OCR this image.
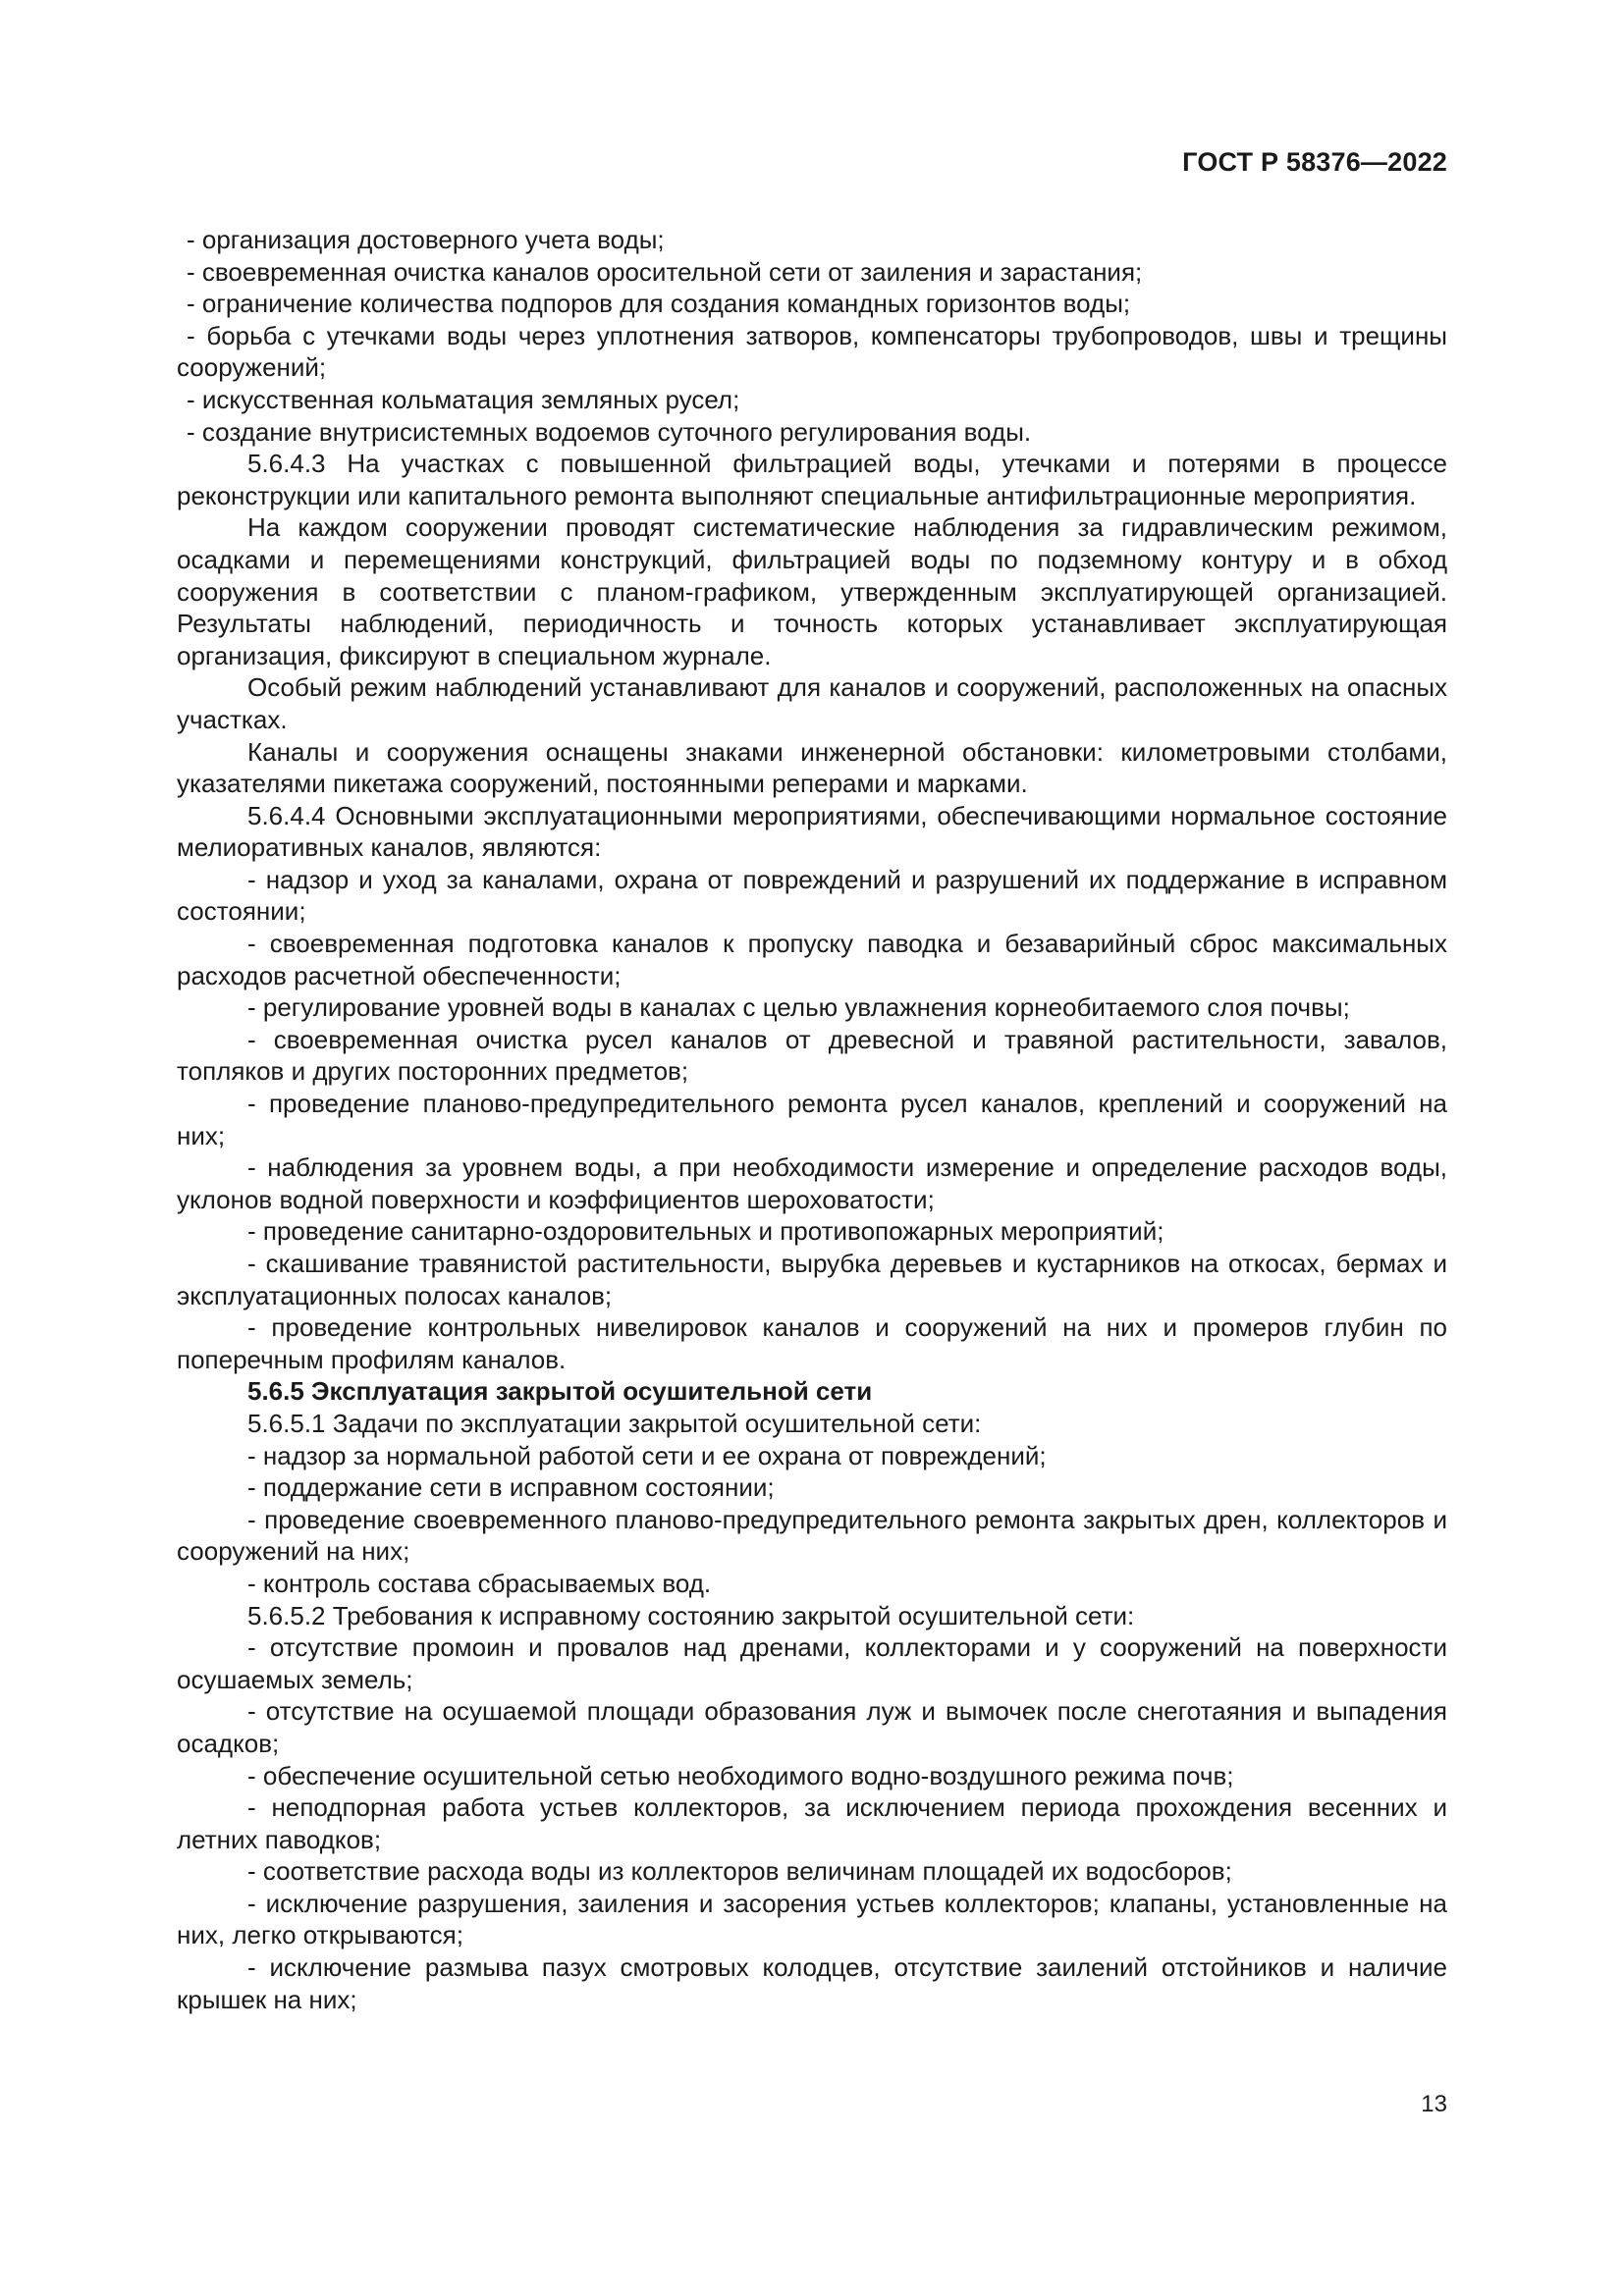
ГОСТ Р 58376—2022

- организация достоверного учета воды;

- своевременная очистка каналов оросительной сети от заиления и зарастания;

- ограничение количества подпоров для создания командных горизонтов воды;

- борьба с утечками воды через уплотнения затворов, компенсаторы трубопроводов, швы и трещины сооружений;

- искусственная кольматация земляных русел;

- создание внутрисистемных водоемов суточного регулирования воды.

5.6.4.3 На участках с повышенной фильтрацией воды, утечками и потерями в процессе реконструкции или капитального ремонта выполняют специальные антифильтрационные мероприятия.

На каждом сооружении проводят систематические наблюдения за гидравлическим режимом, осадками и перемещениями конструкций, фильтрацией воды по подземному контуру и в обход сооружения в соответствии с планом-графиком, утвержденным эксплуатирующей организацией. Результаты наблюдений, периодичность и точность которых устанавливает эксплуатирующая организация, фиксируют в специальном журнале.

Особый режим наблюдений устанавливают для каналов и сооружений, расположенных на опасных участках.

Каналы и сооружения оснащены знаками инженерной обстановки: километровыми столбами, указателями пикетажа сооружений, постоянными реперами и марками.

5.6.4.4 Основными эксплуатационными мероприятиями, обеспечивающими нормальное состояние мелиоративных каналов, являются:

- надзор и уход за каналами, охрана от повреждений и разрушений их поддержание в исправном состоянии;

- своевременная подготовка каналов к пропуску паводка и безаварийный сброс максимальных расходов расчетной обеспеченности;

- регулирование уровней воды в каналах с целью увлажнения корнеобитаемого слоя почвы;

- своевременная очистка русел каналов от древесной и травяной растительности, завалов, топляков и других посторонних предметов;

- проведение планово-предупредительного ремонта русел каналов, креплений и сооружений на них;

- наблюдения за уровнем воды, а при необходимости измерение и определение расходов воды, уклонов водной поверхности и коэффициентов шероховатости;

- проведение санитарно-оздоровительных и противопожарных мероприятий;

- скашивание травянистой растительности, вырубка деревьев и кустарников на откосах, бермах и эксплуатационных полосах каналов;

- проведение контрольных нивелировок каналов и сооружений на них и промеров глубин по поперечным профилям каналов.

5.6.5 Эксплуатация закрытой осушительной сети

5.6.5.1 Задачи по эксплуатации закрытой осушительной сети:

- надзор за нормальной работой сети и ее охрана от повреждений;

- поддержание сети в исправном состоянии;

- проведение своевременного планово-предупредительного ремонта закрытых дрен, коллекторов и сооружений на них;

- контроль состава сбрасываемых вод.

5.6.5.2 Требования к исправному состоянию закрытой осушительной сети:

- отсутствие промоин и провалов над дренами, коллекторами и у сооружений на поверхности осушаемых земель;

- отсутствие на осушаемой площади образования луж и вымочек после снеготаяния и выпадения осадков;

- обеспечение осушительной сетью необходимого водно-воздушного режима почв;

- неподпорная работа устьев коллекторов, за исключением периода прохождения весенних и летних паводков;

- соответствие расхода воды из коллекторов величинам площадей их водосборов;

- исключение разрушения, заиления и засорения устьев коллекторов; клапаны, установленные на них, легко открываются;

- исключение размыва пазух смотровых колодцев, отсутствие заилений отстойников и наличие крышек на них;

13
